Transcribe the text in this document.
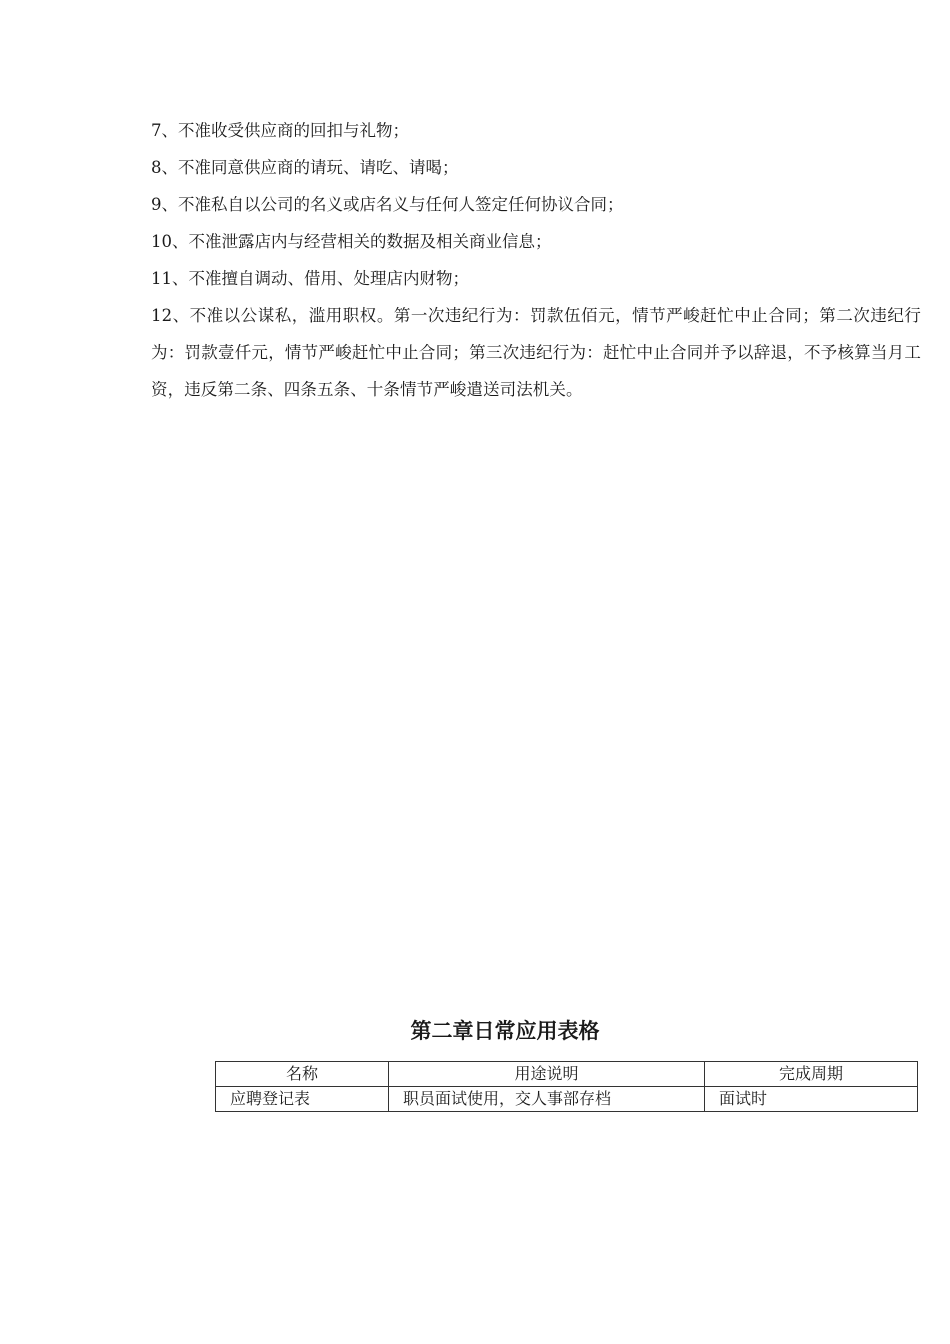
7、不准收受供应商的回扣与礼物；

8、不准同意供应商的请玩、请吃、请喝；

9、不准私自以公司的名义或店名义与任何人签定任何协议合同；

10、不准泄露店内与经营相关的数据及相关商业信息；

11、不准擅自调动、借用、处理店内财物；

12、不准以公谋私，滥用职权。第一次违纪行为：罚款伍佰元，情节严峻赶忙中止合同；第二次违纪行为：罚款壹仟元，情节严峻赶忙中止合同；第三次违纪行为：赶忙中止合同并予以辞退，不予核算当月工资，违反第二条、四条五条、十条情节严峻遣送司法机关。

第二章日常应用表格
名称	用途说明	完成周期
应聘登记表	职员面试使用，交人事部存档	面试时
